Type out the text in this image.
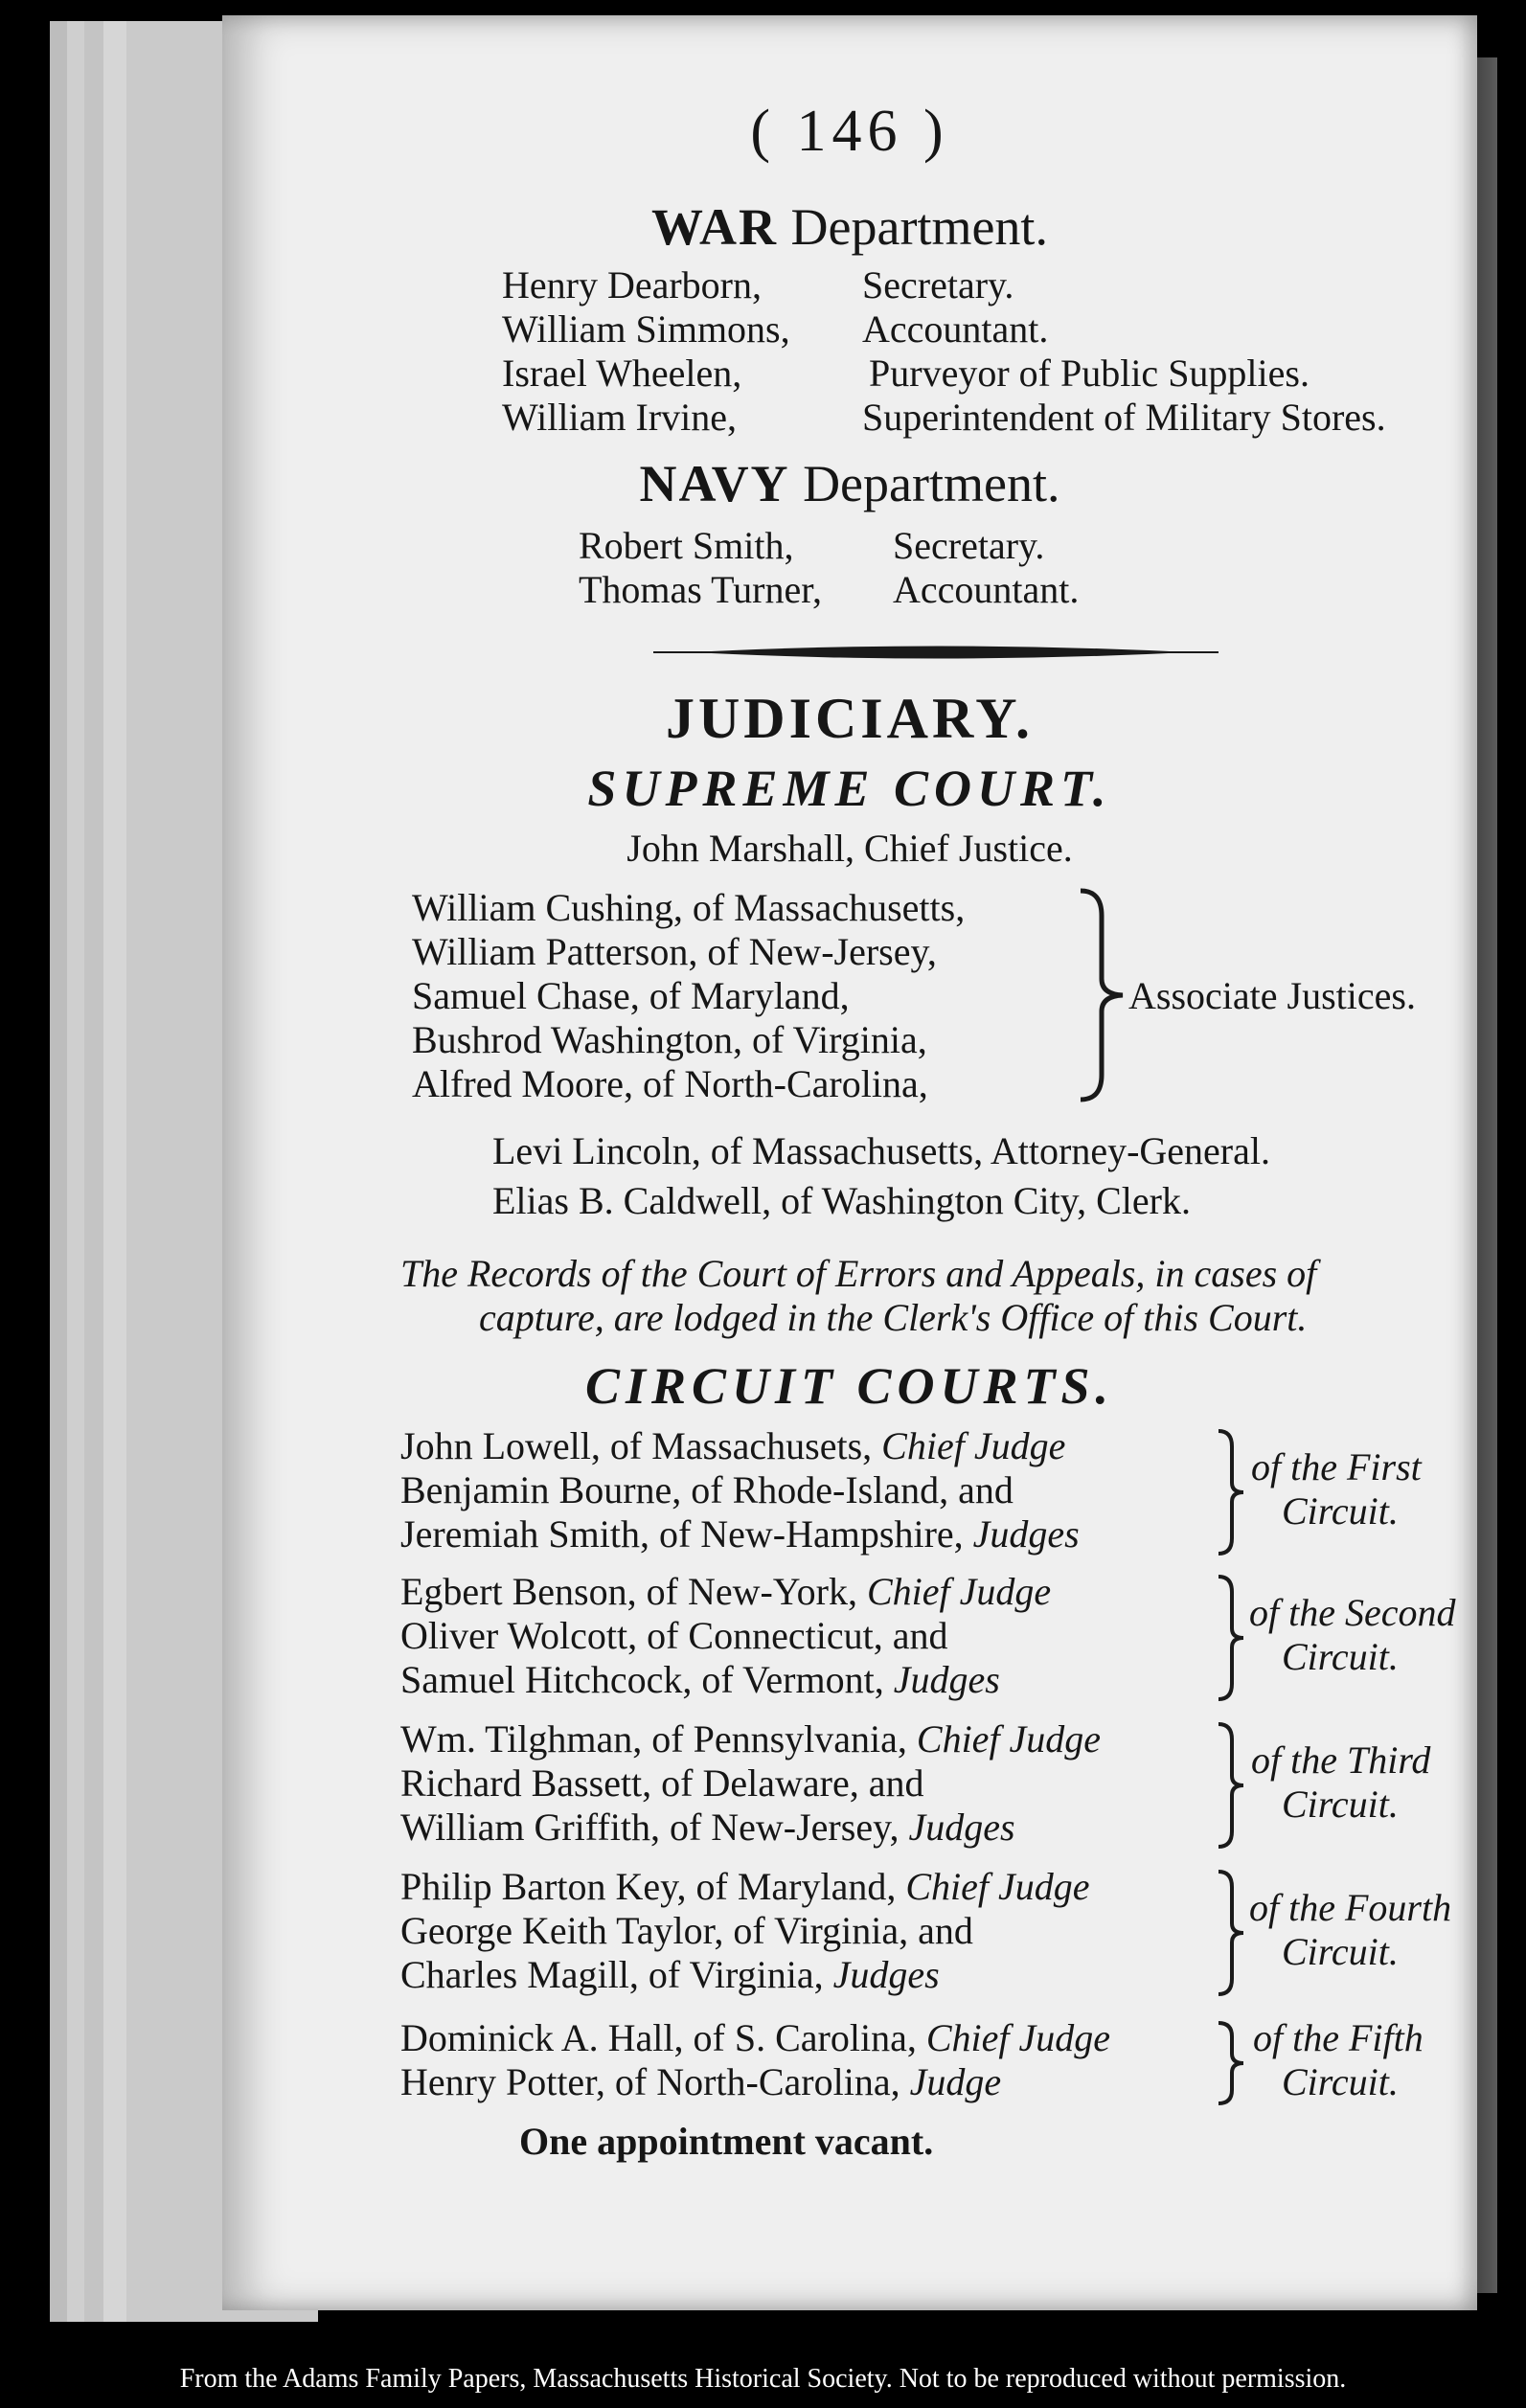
( 146 )
WAR Department.
Henry Dearborn,	Secretary.
William Simmons, Accountant.
Israel Wheelen,	Purveyor of Public Supplies.
William Irvine,	Superintendent of Military Stores.
NAVY Department.
Robert Smith,	Secretary.
Thomas Turner, Accountant.
JUDICIARY.
SUPREME COURT.
John Marshall, Chief Justice.
William Cushing, of Massachusetts,
William Patterson, of New-Jersey,
Samuel Chase, of Maryland,
Bushrod Washington, of Virginia,
Alfred Moore, of North-Carolina,
Associate Justices.
Levi Lincoln, of Massachusetts, Attorney-General.
Elias B. Caldwell, of Washington City, Clerk.
The Records of the Court of Errors and Appeals, in cases of
capture, are lodged in the Clerk's Office of this Court.
CIRCUIT COURTS.
John Lowell, of Massachusets, Chief Judge
Benjamin Bourne, of Rhode-Island, and
Jeremiah Smith, of New-Hampshire, Judges
of the First
Circuit.
Egbert Benson, of New-York, Chief Judge
Oliver Wolcott, of Connecticut, and
Samuel Hitchcock, of Vermont, Judges
of the Second
Circuit.
Wm. Tilghman, of Pennsylvania, Chief Judge
Richard Bassett, of Delaware, and
William Griffith, of New-Jersey, Judges
of the Third
Circuit.
Philip Barton Key, of Maryland, Chief Judge
George Keith Taylor, of Virginia, and
Charles Magill, of Virginia, Judges
of the Fourth
Circuit.
Dominick A. Hall, of S. Carolina, Chief Judge
Henry Potter, of North-Carolina, Judge
of the Fifth
Circuit.
One appointment vacant.
From the Adams Family Papers, Massachusetts Historical Society. Not to be reproduced without permission.
